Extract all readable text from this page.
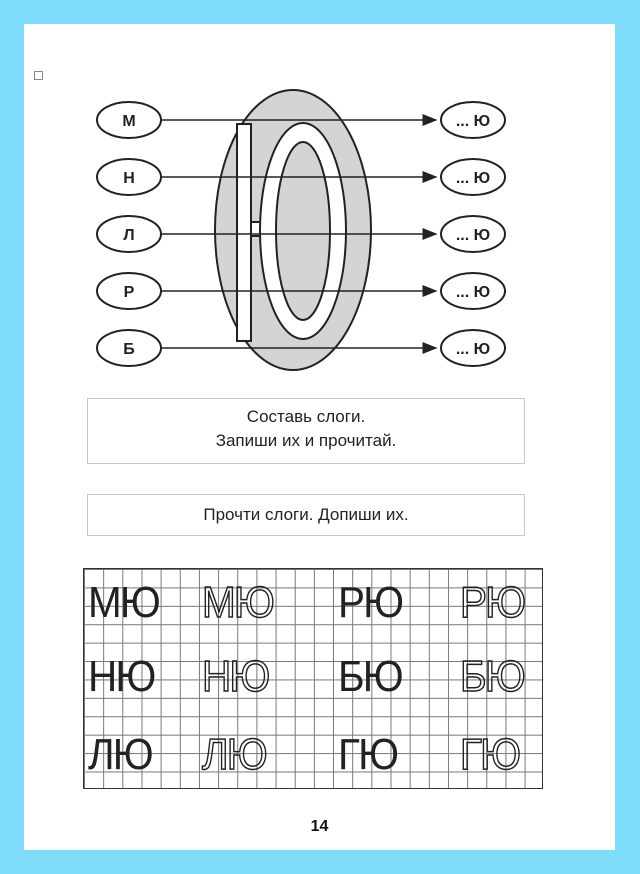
М
Н
Л
Р
Б
... Ю
... Ю
... Ю
... Ю
... Ю
Составь слоги.
Запиши их и прочитай.
Прочти слоги. Допиши их.
МЮ МЮ РЮ РЮ
НЮ НЮ БЮ БЮ
ЛЮ ЛЮ ГЮ ГЮ
14
